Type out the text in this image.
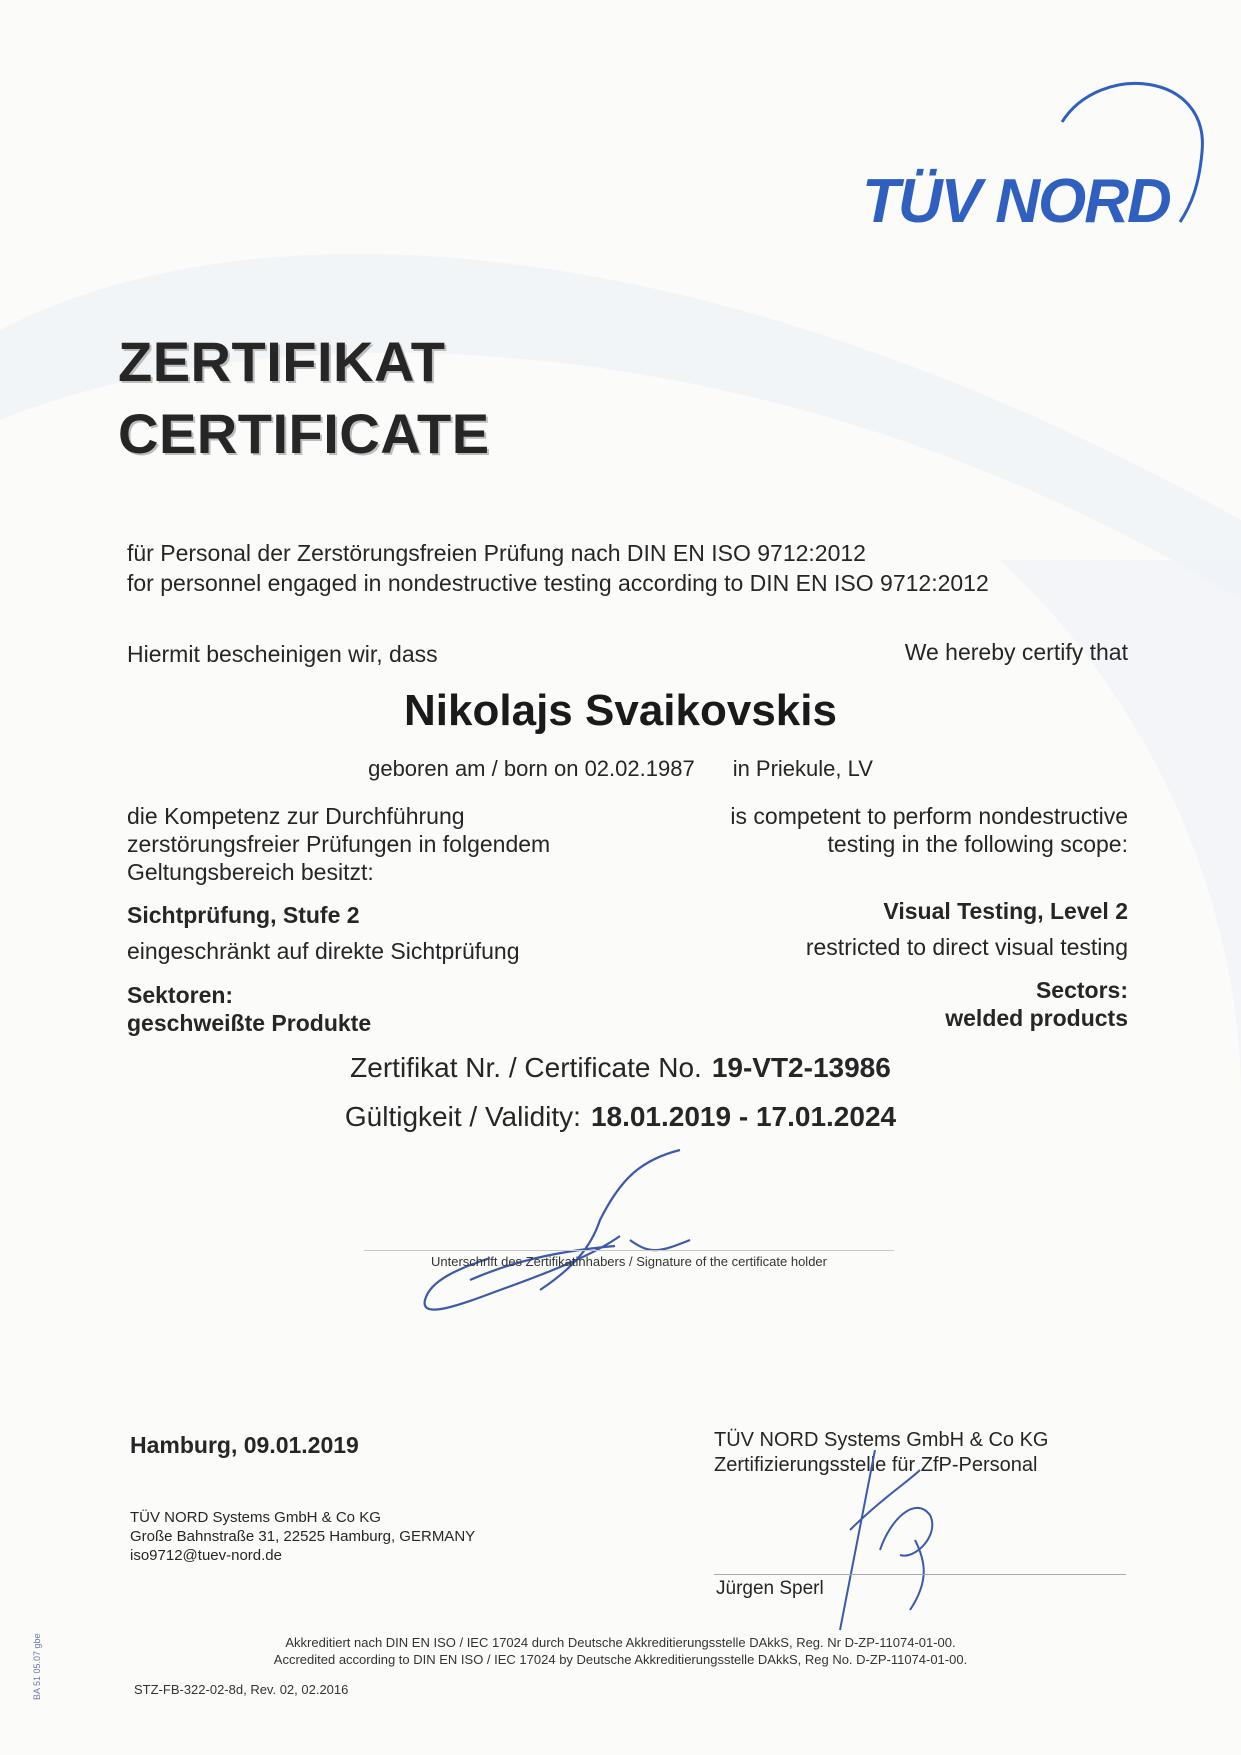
TÜV NORD
ZERTIFIKAT
CERTIFICATE
für Personal der Zerstörungsfreien Prüfung nach DIN EN ISO 9712:2012
for personnel engaged in nondestructive testing according to DIN EN ISO 9712:2012
Hiermit bescheinigen wir, dass	We hereby certify that
Nikolajs Svaikovskis
geboren am / born on 02.02.1987 in Priekule, LV
die Kompetenz zur Durchführung
zerstörungsfreier Prüfungen in folgendem
Geltungsbereich besitzt:
is competent to perform nondestructive
testing in the following scope:
Sichtprüfung, Stufe 2	Visual Testing, Level 2
eingeschränkt auf direkte Sichtprüfung	restricted to direct visual testing
Sektoren:
geschweißte Produkte
Sectors:
welded products
Zertifikat Nr. / Certificate No. 19-VT2-13986
Gültigkeit / Validity: 18.01.2019 - 17.01.2024
Unterschrift des Zertifikatinhabers / Signature of the certificate holder
Hamburg, 09.01.2019
TÜV NORD Systems GmbH & Co KG
Große Bahnstraße 31, 22525 Hamburg, GERMANY
iso9712@tuev-nord.de
TÜV NORD Systems GmbH & Co KG
Zertifizierungsstelle für ZfP-Personal
Jürgen Sperl
Akkreditiert nach DIN EN ISO / IEC 17024 durch Deutsche Akkreditierungsstelle DAkkS, Reg. Nr D-ZP-11074-01-00.
Accredited according to DIN EN ISO / IEC 17024 by Deutsche Akkreditierungsstelle DAkkS, Reg No. D-ZP-11074-01-00.
STZ-FB-322-02-8d, Rev. 02, 02.2016
BA 51 05.07 gbe
